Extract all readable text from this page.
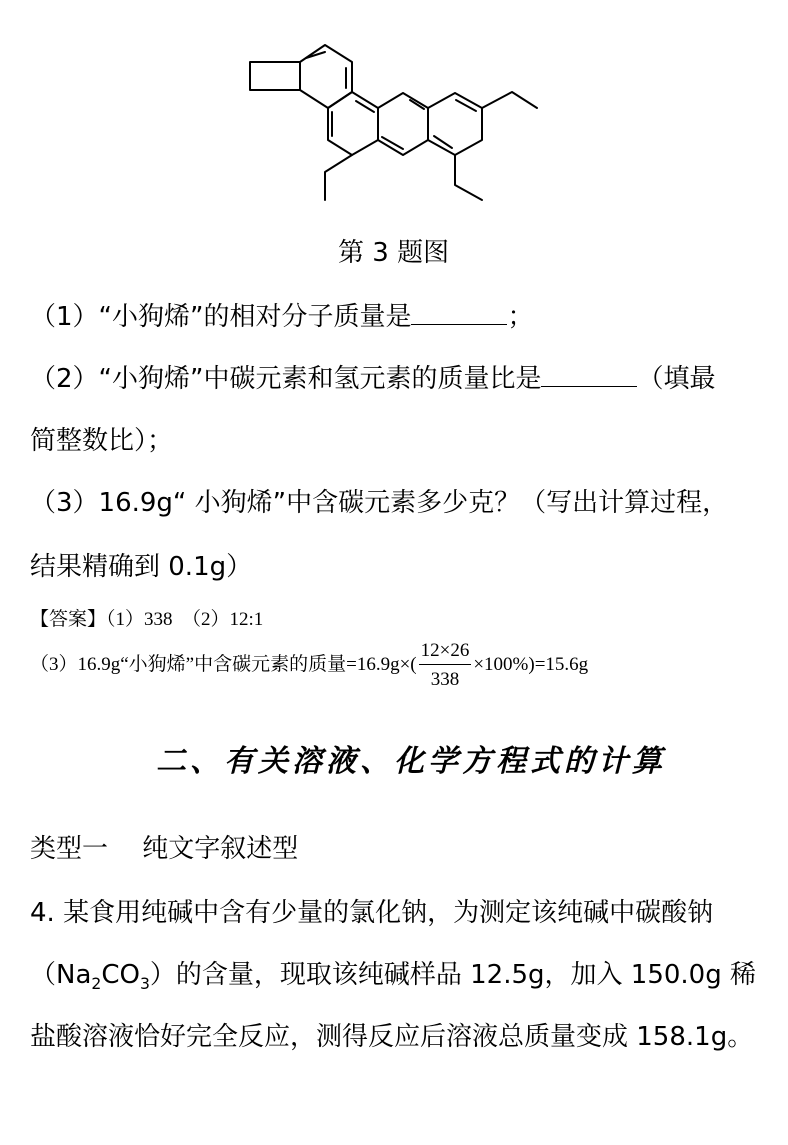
第 3 题图
（1）“小狗烯”的相对分子质量是	；
（2）“小狗烯”中碳元素和氢元素的质量比是	（填最
简整数比）；
（3）16.9g“ 小狗烯”中含碳元素多少克？（写出计算过程，
结果精确到 0.1g）
【答案】（1）338　（2）12:1
（3）16.9g“小狗烯”中含碳元素的质量$=16.9g\times( \frac{12\times 26}{338} \times 100\%)=15.6g$
二、有关溶液、化学方程式的计算
类型一　 纯文字叙述型
4. 某食用纯碱中含有少量的氯化钠，为测定该纯碱中碳酸钠
$(Na_2CO_3)$的含量，现取该纯碱样品 12.5g，加入 150.0g 稀
盐酸溶液恰好完全反应，测得反应后溶液总质量变成 158.1g。
